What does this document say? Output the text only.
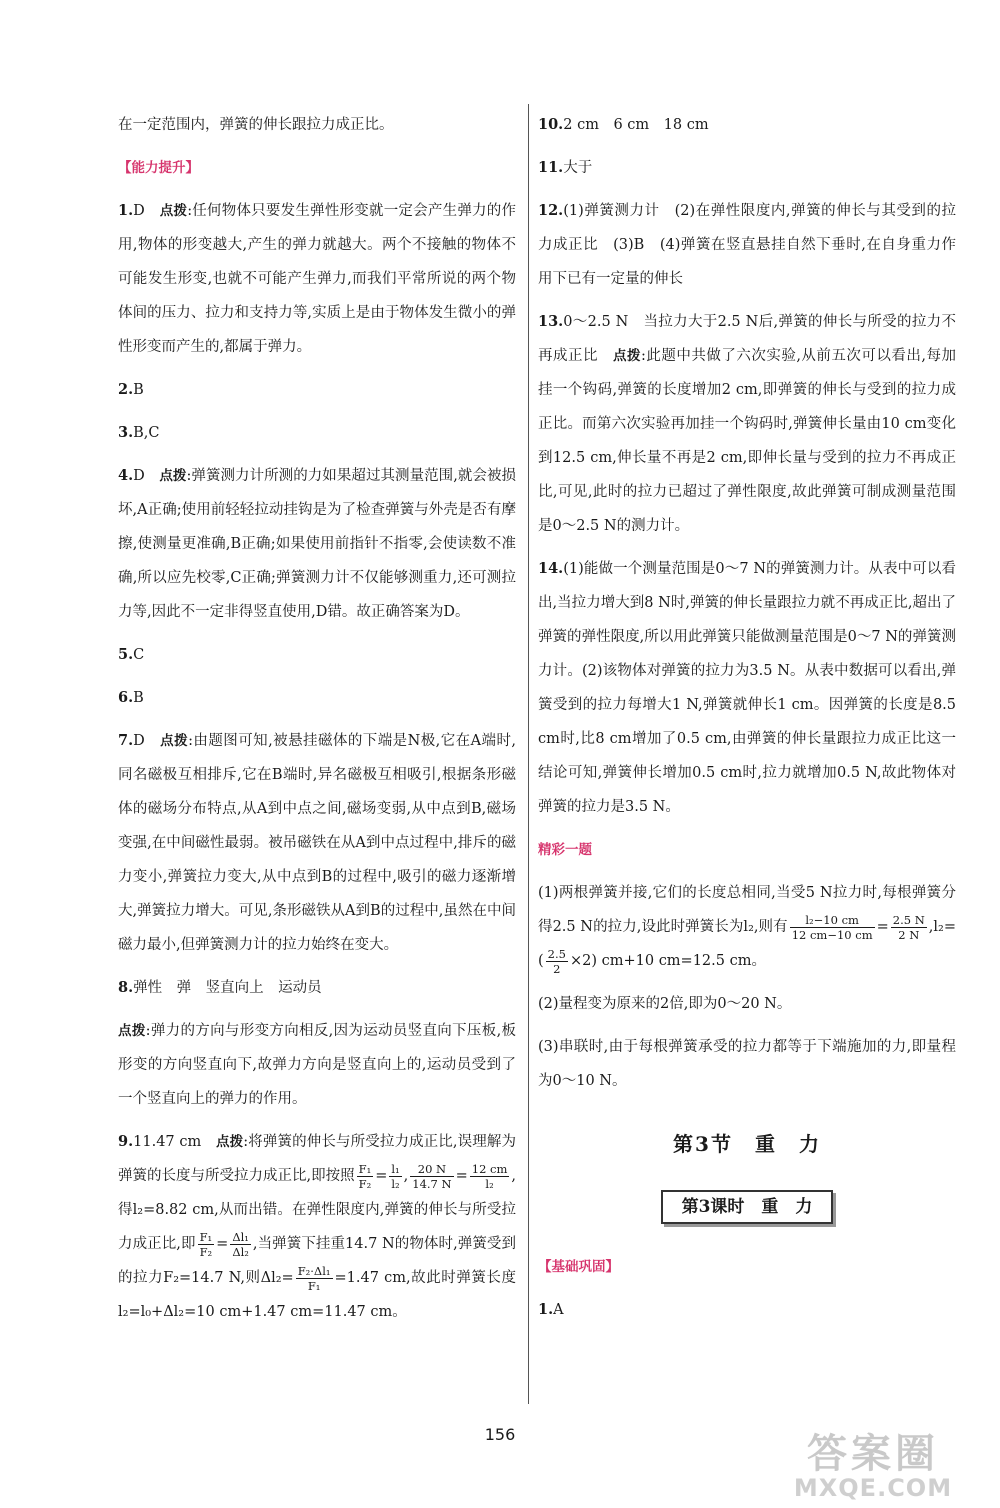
在一定范围内，弹簧的伸长跟拉力成正比。

【能力提升】

1.D　 点拨:任何物体只要发生弹性形变就一定会产生弹力的作用,物体的形变越大,产生的弹力就越大。两个不接触的物体不可能发生形变,也就不可能产生弹力,而我们平常所说的两个物体间的压力、拉力和支持力等,实质上是由于物体发生微小的弹性形变而产生的,都属于弹力。

2.B

3.B,C

4.D　 点拨:弹簧测力计所测的力如果超过其测量范围,就会被损坏,A正确;使用前轻轻拉动挂钩是为了检查弹簧与外壳是否有摩擦,使测量更准确,B正确;如果使用前指针不指零,会使读数不准确,所以应先校零,C正确;弹簧测力计不仅能够测重力,还可测拉力等,因此不一定非得竖直使用,D错。故正确答案为D。

5.C

6.B

7.D　 点拨:由题图可知,被悬挂磁体的下端是N极,它在A端时,同名磁极互相排斥,它在B端时,异名磁极互相吸引,根据条形磁体的磁场分布特点,从A到中点之间,磁场变弱,从中点到B,磁场变强,在中间磁性最弱。被吊磁铁在从A到中点过程中,排斥的磁力变小,弹簧拉力变大,从中点到B的过程中,吸引的磁力逐渐增大,弹簧拉力增大。可见,条形磁铁从A到B的过程中,虽然在中间磁力最小,但弹簧测力计的拉力始终在变大。

8.弹性　弹　竖直向上　运动员

点拨:弹力的方向与形变方向相反,因为运动员竖直向下压板,板形变的方向竖直向下,故弹力方向是竖直向上的,运动员受到了一个竖直向上的弹力的作用。

9.11.47 cm　 点拨:将弹簧的伸长与所受拉力成正比,误理解为弹簧的长度与所受拉力成正比,即按照 $\frac{\text{F₁}}{\text{F₂}} = \frac{\text{l₁}}{\text{l₂}}$ , $\frac{20 N}{14.7 N} = \frac{12 cm}{\text{l₂}}$ ,得l₂=8.82 cm,从而出错。在弹性限度内,弹簧的伸长与所受拉力成正比,即 $\frac{\text{F₁}}{\text{F₂}} = \frac{\text{Δl₁}}{\text{Δl₂}}$ ,当弹簧下挂重14.7 N的物体时,弹簧受到的拉力F₂=14.7 N,则$\Delta l_2= \frac{\text{F₂·Δl₁}}{\text{F₁}} =1.47$ cm,故此时弹簧长度l₂=l₀+Δl₂=10 cm+1.47 cm=11.47 cm。

10.2 cm　6 cm　18 cm

11.大于

12.(1)弹簧测力计　(2)在弹性限度内,弹簧的伸长与其受到的拉力成正比　(3)B　(4)弹簧在竖直悬挂自然下垂时,在自身重力作用下已有一定量的伸长

13.0～2.5 N　当拉力大于2.5 N后,弹簧的伸长与所受的拉力不再成正比　点拨:此题中共做了六次实验,从前五次可以看出,每加挂一个钩码,弹簧的长度增加2 cm,即弹簧的伸长与受到的拉力成正比。而第六次实验再加挂一个钩码时,弹簧伸长量由10 cm变化到12.5 cm,伸长量不再是2 cm,即伸长量与受到的拉力不再成正比,可见,此时的拉力已超过了弹性限度,故此弹簧可制成测量范围是0～2.5 N的测力计。

14.(1)能做一个测量范围是0～7 N的弹簧测力计。从表中可以看出,当拉力增大到8 N时,弹簧的伸长量跟拉力就不再成正比,超出了弹簧的弹性限度,所以用此弹簧只能做测量范围是0～7 N的弹簧测力计。(2)该物体对弹簧的拉力为3.5 N。从表中数据可以看出,弹簧受到的拉力每增大1 N,弹簧就伸长1 cm。因弹簧的长度是8.5 cm时,比8 cm增加了0.5 cm,由弹簧的伸长量跟拉力成正比这一结论可知,弹簧伸长增加0.5 cm时,拉力就增加0.5 N,故此物体对弹簧的拉力是3.5 N。

精彩一题

(1)两根弹簧并接,它们的长度总相同,当受5 N拉力时,每根弹簧分得2.5 N的拉力,设此时弹簧长为l₂,则有 $\frac{\text{l₂−10 cm}}{12 cm-10 cm} = \frac{2.5 N}{2 N} ,l_2=( \frac{2.5}{2} \times 2)$ cm+10 cm=12.5 cm。

(2)量程变为原来的2倍,即为0～20 N。

(3)串联时,由于每根弹簧承受的拉力都等于下端施加的力,即量程为0～10 N。

第3节　重　力
第3课时　重　力
【基础巩固】

1.A

156	答案圈
MXQE.COM
